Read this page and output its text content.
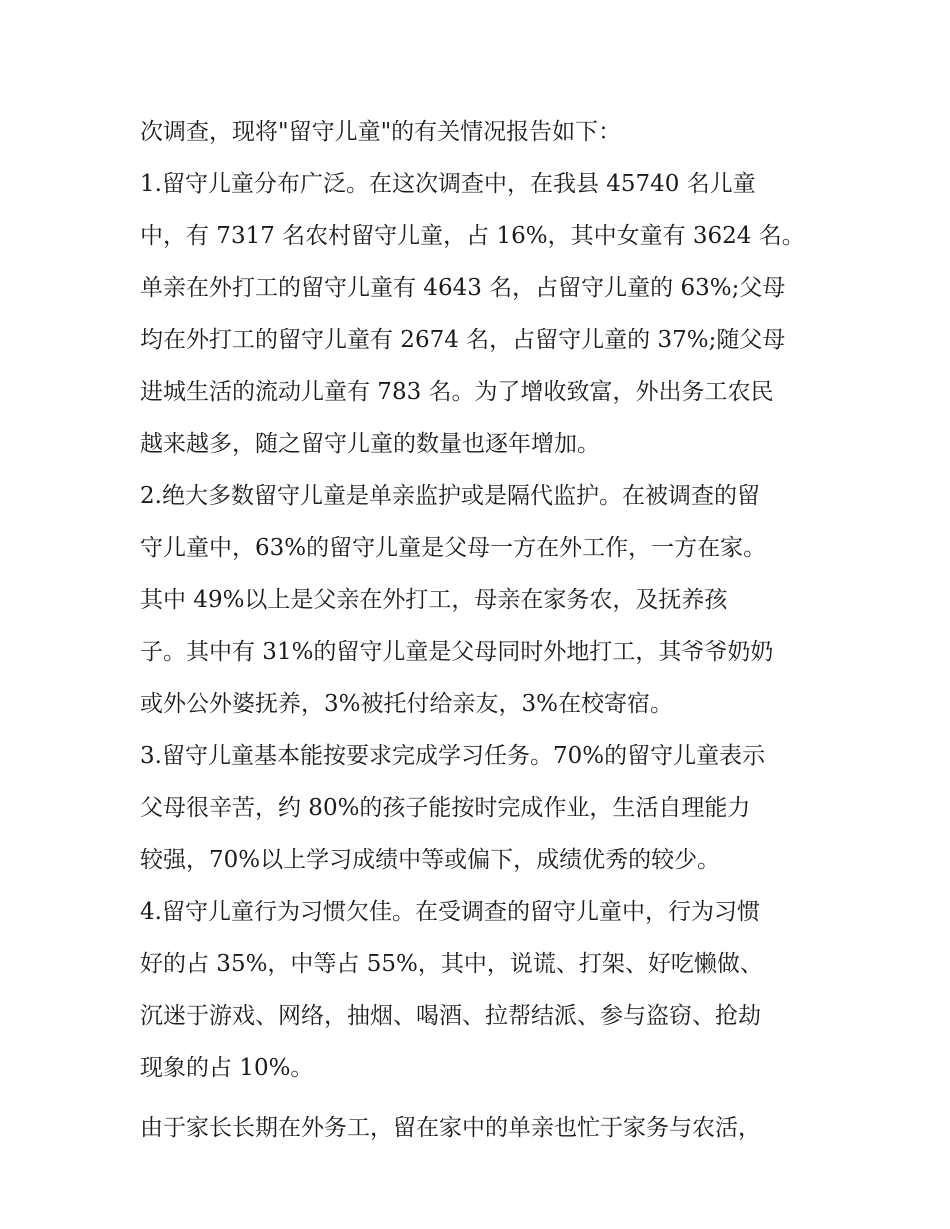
次调查，现将"留守儿童"的有关情况报告如下：
1.留守儿童分布广泛。在这次调查中，在我县 45740 名儿童
中，有 7317 名农村留守儿童，占 16%，其中女童有 3624 名。
单亲在外打工的留守儿童有 4643 名，占留守儿童的 63%;父母
均在外打工的留守儿童有 2674 名，占留守儿童的 37%;随父母
进城生活的流动儿童有 783 名。为了增收致富，外出务工农民
越来越多，随之留守儿童的数量也逐年增加。
2.绝大多数留守儿童是单亲监护或是隔代监护。在被调查的留
守儿童中，63%的留守儿童是父母一方在外工作，一方在家。
其中 49%以上是父亲在外打工，母亲在家务农，及抚养孩
子。其中有 31%的留守儿童是父母同时外地打工，其爷爷奶奶
或外公外婆抚养，3%被托付给亲友，3%在校寄宿。
3.留守儿童基本能按要求完成学习任务。70%的留守儿童表示
父母很辛苦，约 80%的孩子能按时完成作业，生活自理能力
较强，70%以上学习成绩中等或偏下，成绩优秀的较少。
4.留守儿童行为习惯欠佳。在受调查的留守儿童中，行为习惯
好的占 35%，中等占 55%，其中，说谎、打架、好吃懒做、
沉迷于游戏、网络，抽烟、喝酒、拉帮结派、参与盗窃、抢劫
现象的占 10%。
由于家长长期在外务工，留在家中的单亲也忙于家务与农活，
